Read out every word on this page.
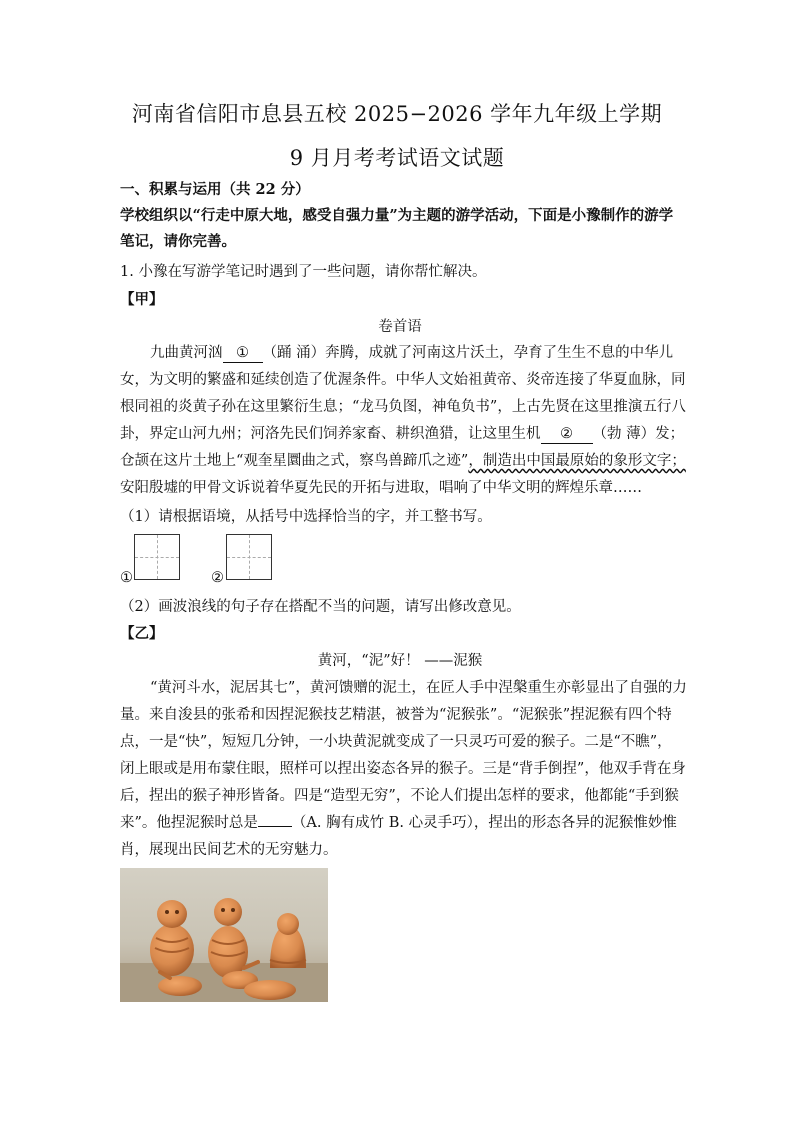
河南省信阳市息县五校 2025−2026 学年九年级上学期
9 月月考考试语文试题
一、积累与运用（共 22 分）
学校组织以“行走中原大地，感受自强力量”为主题的游学活动，下面是小豫制作的游学
笔记，请你完善。
1. 小豫在写游学笔记时遇到了一些问题，请你帮忙解决。
【甲】
卷首语
九曲黄河汹 ① （踊 涌）奔腾，成就了河南这片沃土，孕育了生生不息的中华儿
女，为文明的繁盛和延续创造了优渥条件。中华人文始祖黄帝、炎帝连接了华夏血脉，同
根同祖的炎黄子孙在这里繁衍生息；“龙马负图，神龟负书”，上古先贤在这里推演五行八
卦，界定山河九州；河洛先民们饲养家畜、耕织渔猎，让这里生机 ② （勃 薄）发；
仓颉在这片土地上“观奎星圜曲之式，察鸟兽蹄爪之迹”，制造出中国最原始的象形文字；
安阳殷墟的甲骨文诉说着华夏先民的开拓与进取，唱响了中华文明的辉煌乐章……
（1）请根据语境，从括号中选择恰当的字，并工整书写。
①	②
（2）画波浪线的句子存在搭配不当的问题，请写出修改意见。
【乙】
黄河，“泥”好！ ——泥猴
“黄河斗水，泥居其七”，黄河馈赠的泥土，在匠人手中涅槃重生亦彰显出了自强的力
量。来自浚县的张希和因捏泥猴技艺精湛，被誉为“泥猴张”。“泥猴张”捏泥猴有四个特
点，一是“快”，短短几分钟，一小块黄泥就变成了一只灵巧可爱的猴子。二是“不瞧”，
闭上眼或是用布蒙住眼，照样可以捏出姿态各异的猴子。三是“背手倒捏”，他双手背在身
后，捏出的猴子神形皆备。四是“造型无穷”，不论人们提出怎样的要求，他都能“手到猴
来”。他捏泥猴时总是 （A. 胸有成竹 B. 心灵手巧），捏出的形态各异的泥猴惟妙惟
肖，展现出民间艺术的无穷魅力。
